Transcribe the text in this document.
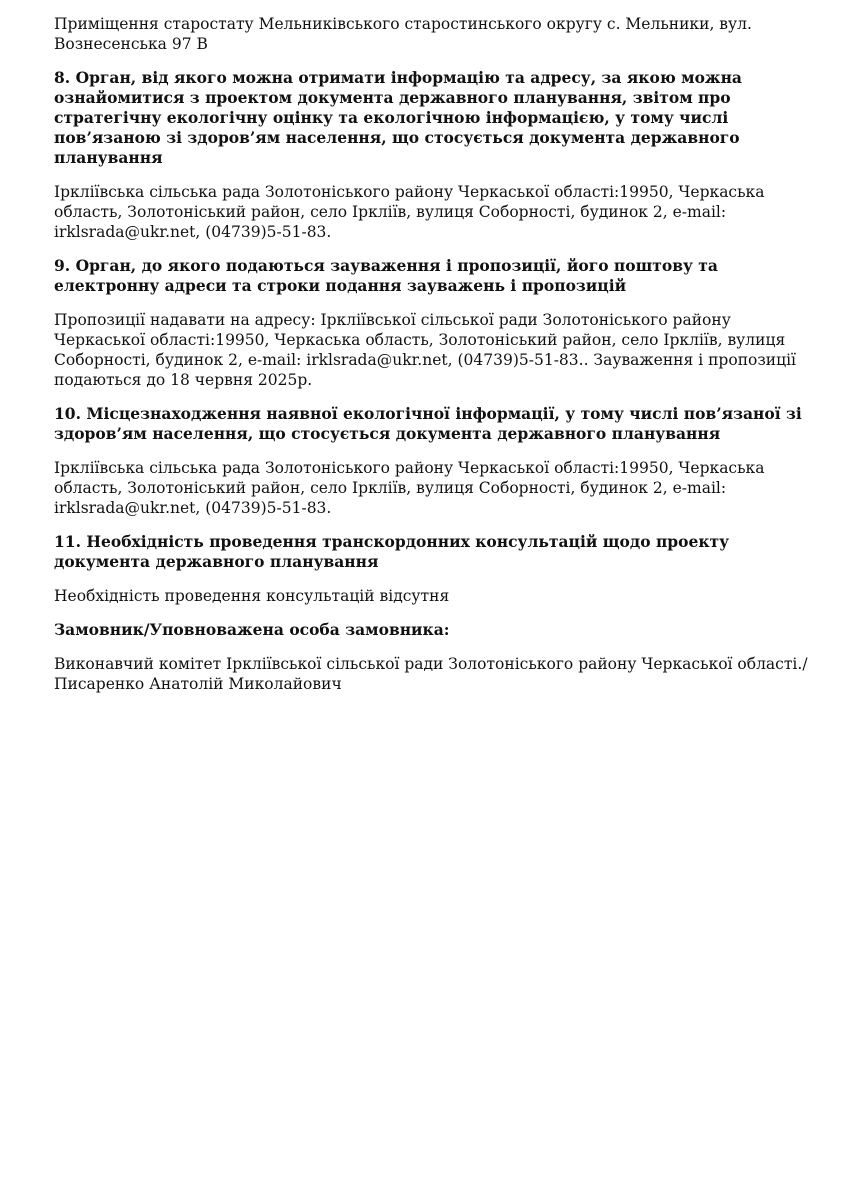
Приміщення старостату Мельниківського старостинського округу с. Мельники, вул. Вознесенська 97 В

8. Орган, від якого можна отримати інформацію та адресу, за якою можна ознайомитися з проектом документа державного планування, звітом про стратегічну екологічну оцінку та екологічною інформацією, у тому числі пов’язаною зі здоров’ям населення, що стосується документа державного планування

Ірклiївська сільська рада Золотоніського району Черкаської області:19950, Черкаська область, Золотоніський район, село Ірклiїв, вулиця Соборності, будинок 2, e-mail: irklsrada@ukr.net, (04739)5-51-83.

9. Орган, до якого подаються зауваження і пропозиції, його поштову та електронну адреси та строки подання зауважень і пропозицій

Пропозиції надавати на адресу: Ірклiївської сільської ради Золотоніського району Черкаської області:19950, Черкаська область, Золотоніський район, село Ірклiїв, вулиця Соборності, будинок 2, e-mail: irklsrada@ukr.net, (04739)5-51-83.. Зауваження і пропозиції подаються до 18 червня 2025р.

10. Місцезнаходження наявної екологічної інформації, у тому числі пов’язаної зі здоров’ям населення, що стосується документа державного планування

Ірклiївська сільська рада Золотоніського району Черкаської області:19950, Черкаська область, Золотоніський район, село Ірклiїв, вулиця Соборності, будинок 2, e-mail: irklsrada@ukr.net, (04739)5-51-83.

11. Необхідність проведення транскордонних консультацій щодо проекту документа державного планування

Необхідність проведення консультацій відсутня

Замовник/Уповноважена особа замовника:

Виконавчий комітет Ірклiївської сільської ради Золотоніського району Черкаської області./Писаренко Анатолій Миколайович
